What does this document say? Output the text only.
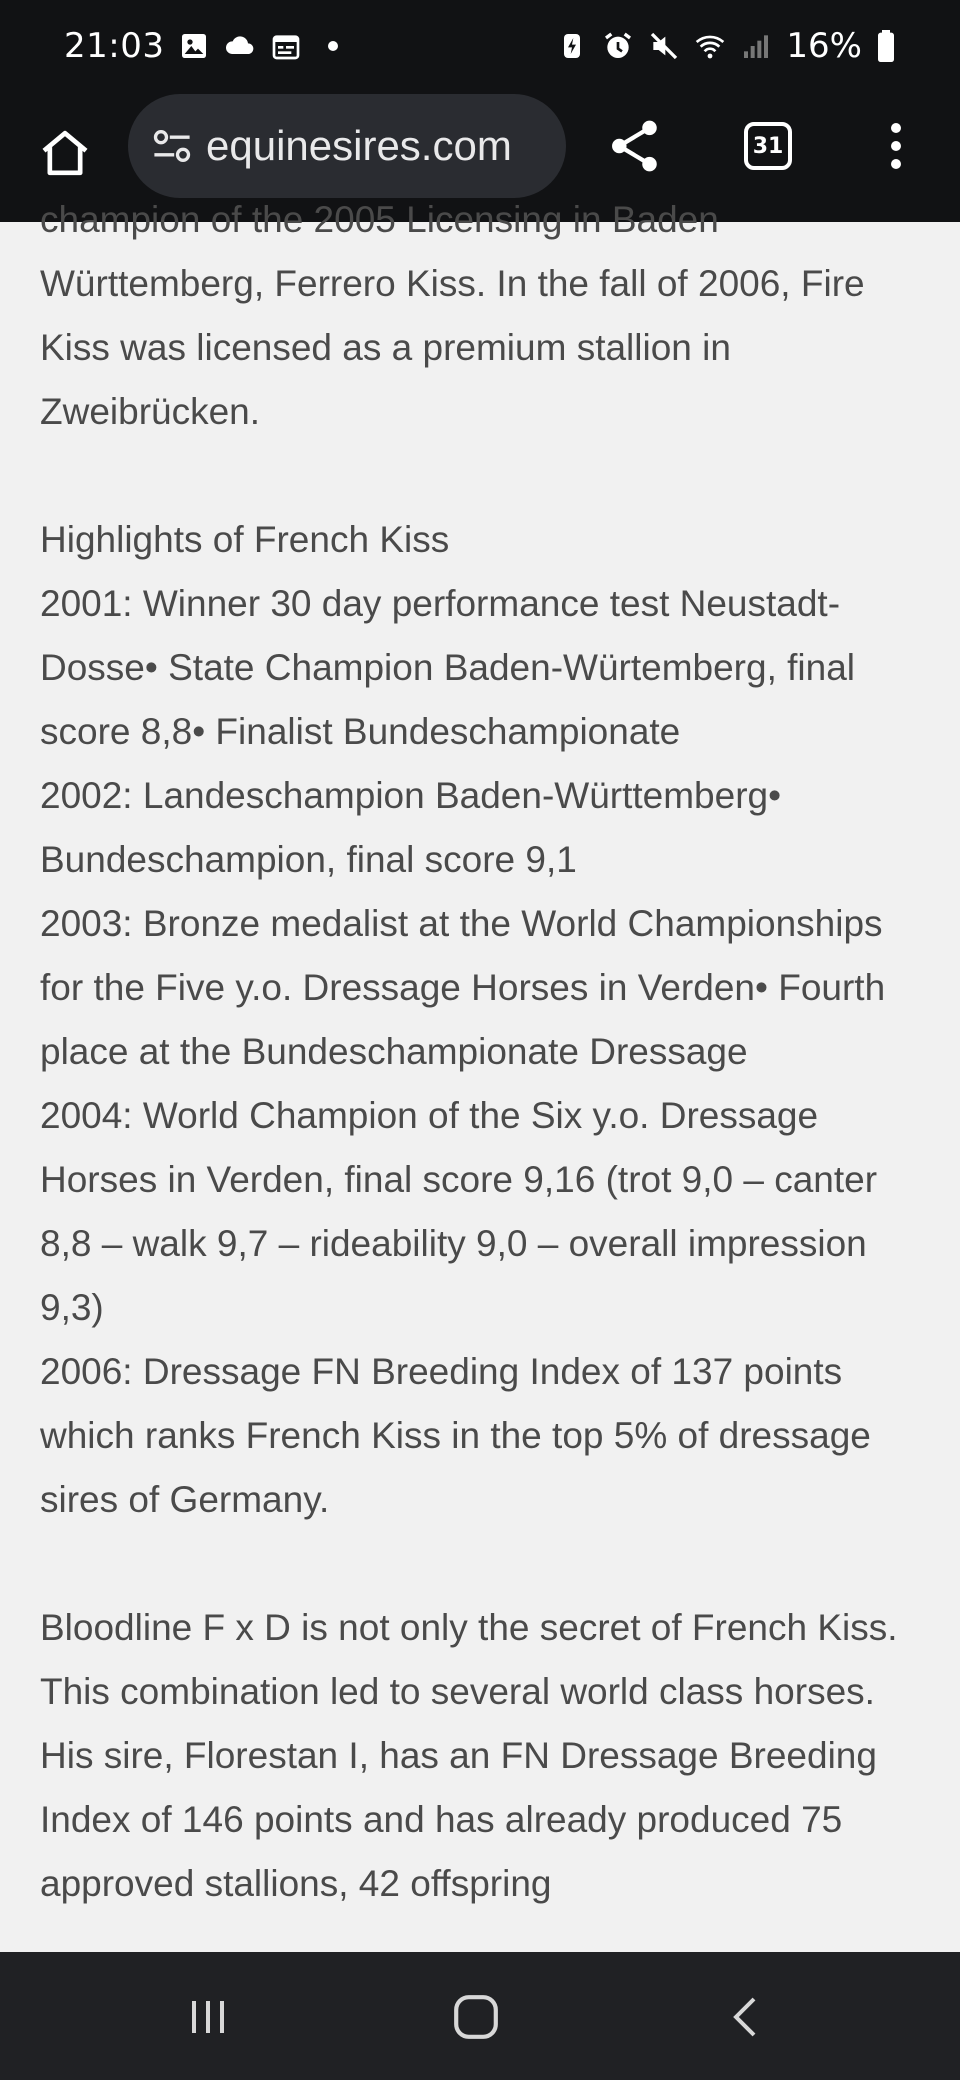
21:03	16%
equinesires.com	31

champion of the 2005 Licensing in Baden

Württemberg, Ferrero Kiss. In the fall of 2006, Fire Kiss was licensed as a premium stallion in Zweibrücken.

Highlights of French Kiss

2001: Winner 30 day performance test Neustadt-Dosse• State Champion Baden-Würtemberg, final score 8,8• Finalist Bundeschampionate

2002: Landeschampion Baden-Württemberg• Bundeschampion, final score 9,1

2003: Bronze medalist at the World Championships for the Five y.o. Dressage Horses in Verden• Fourth place at the Bundeschampionate Dressage

2004: World Champion of the Six y.o. Dressage Horses in Verden, final score 9,16 (trot 9,0 – canter 8,8 – walk 9,7 – rideability 9,0 – overall impression 9,3)

2006: Dressage FN Breeding Index of 137 points which ranks French Kiss in the top 5% of dressage sires of Germany.

Bloodline F x D is not only the secret of French Kiss. This combination led to several world class horses. His sire, Florestan I, has an FN Dressage Breeding Index of 146 points and has already produced 75 approved stallions, 42 offspring
